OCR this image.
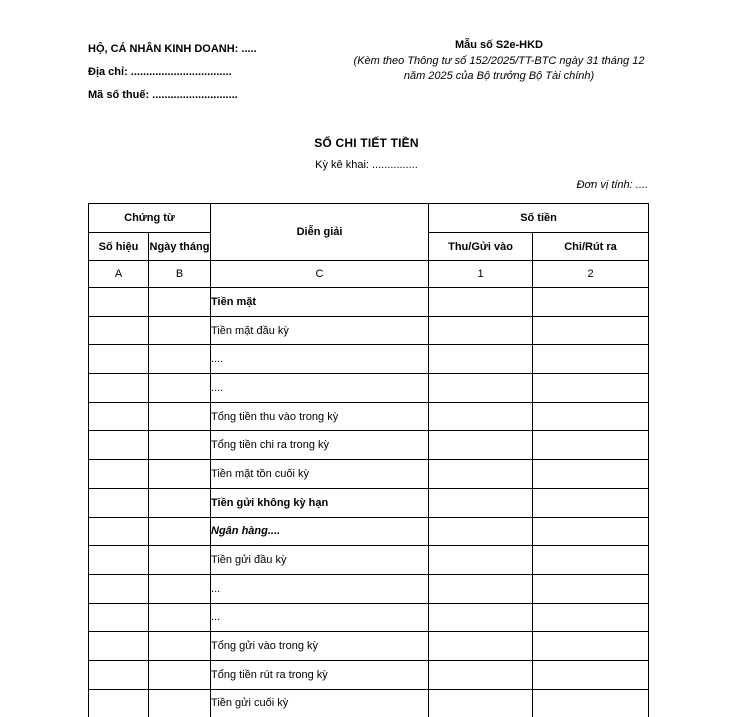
HỘ, CÁ NHÂN KINH DOANH: .....
Địa chỉ: .................................
Mã số thuế: ............................
Mẫu số S2e-HKD
(Kèm theo Thông tư số 152/2025/TT-BTC ngày 31 tháng 12
năm 2025 của Bộ trưởng Bộ Tài chính)
SỔ CHI TIẾT TIỀN
Kỳ kê khai: ...............
Đơn vị tính: ....
Chứng từ		Diễn giải	Số tiền	
Số hiệu	Ngày tháng		Thu/Gửi vào	Chi/Rút ra
A	B	C	1	2
		Tiền mặt		
		Tiền mặt đầu kỳ		
		....		
		....		
		Tổng tiền thu vào trong kỳ		
		Tổng tiền chi ra trong kỳ		
		Tiền mặt tồn cuối kỳ		
		Tiền gửi không kỳ hạn		
		Ngân hàng....		
		Tiền gửi đầu kỳ		
		...		
		...		
		Tổng gửi vào trong kỳ		
		Tổng tiền rút ra trong kỳ		
		Tiền gửi cuối kỳ		
